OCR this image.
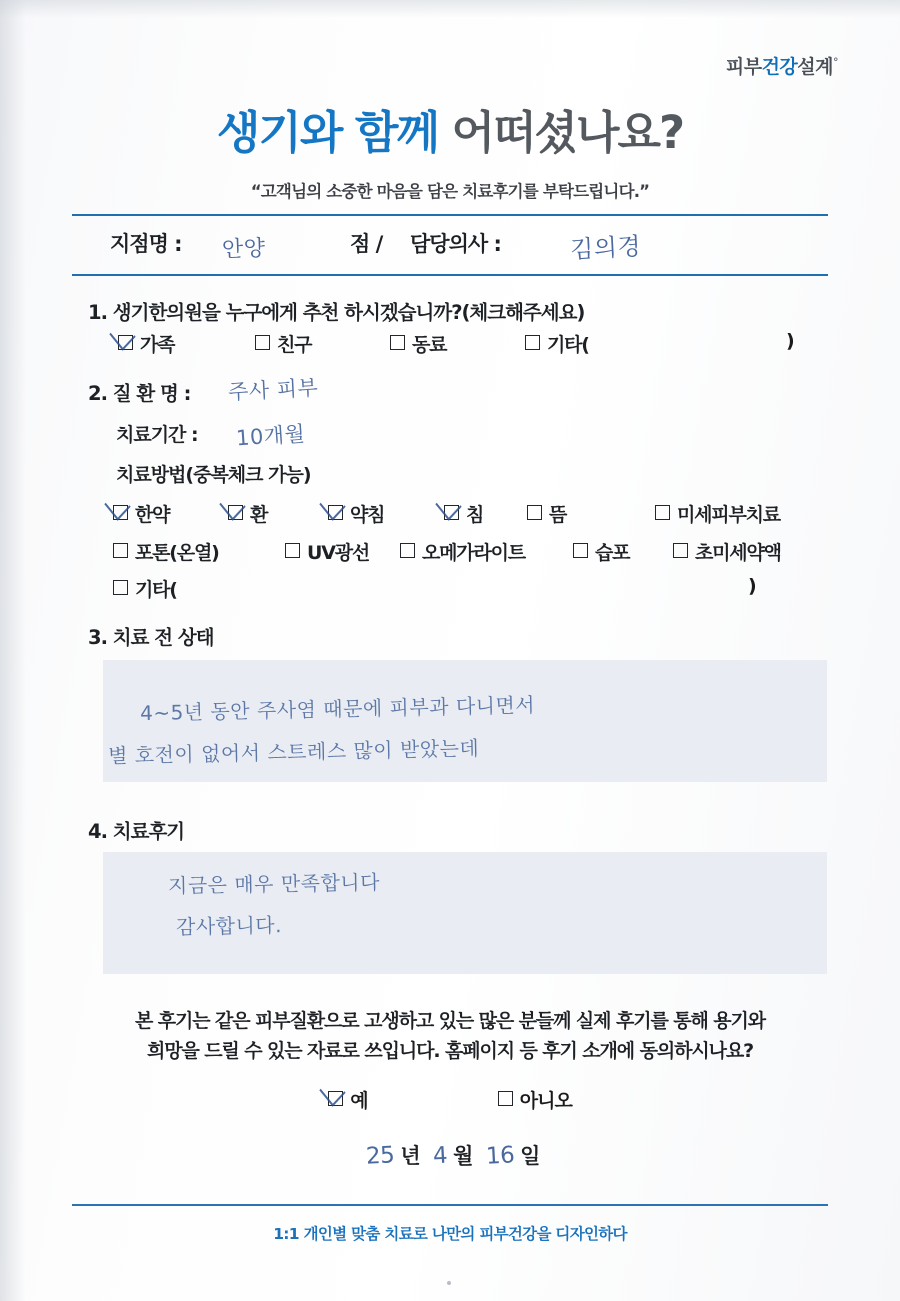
피부건강설계°
생기와 함께 어떠셨나요?
“고객님의 소중한 마음을 담은 치료후기를 부탁드립니다.”
지점명 : 안양	점 / 담당의사 :	김의경
1. 생기한의원을 누구에게 추천 하시겠습니까?(체크해주세요)
가족	친구	동료	기타(	)
2. 질 환 명 : 주사 피부
치료기간 : 10개월
치료방법(중복체크 가능)
한약	환	약침	침	뜸	미세피부치료
포톤(온열)	UV광선	오메가라이트	습포	초미세약액
기타(	)
3. 치료 전 상태
4~5년 동안 주사염 때문에 피부과 다니면서
별 호전이 없어서 스트레스 많이 받았는데
4. 치료후기
지금은 매우 만족합니다
감사합니다.
본 후기는 같은 피부질환으로 고생하고 있는 많은 분들께 실제 후기를 통해 용기와
희망을 드릴 수 있는 자료로 쓰입니다. 홈페이지 등 후기 소개에 동의하시나요?
예	아니오
25 년 4 월 16 일
1:1 개인별 맞춤 치료로 나만의 피부건강을 디자인하다
